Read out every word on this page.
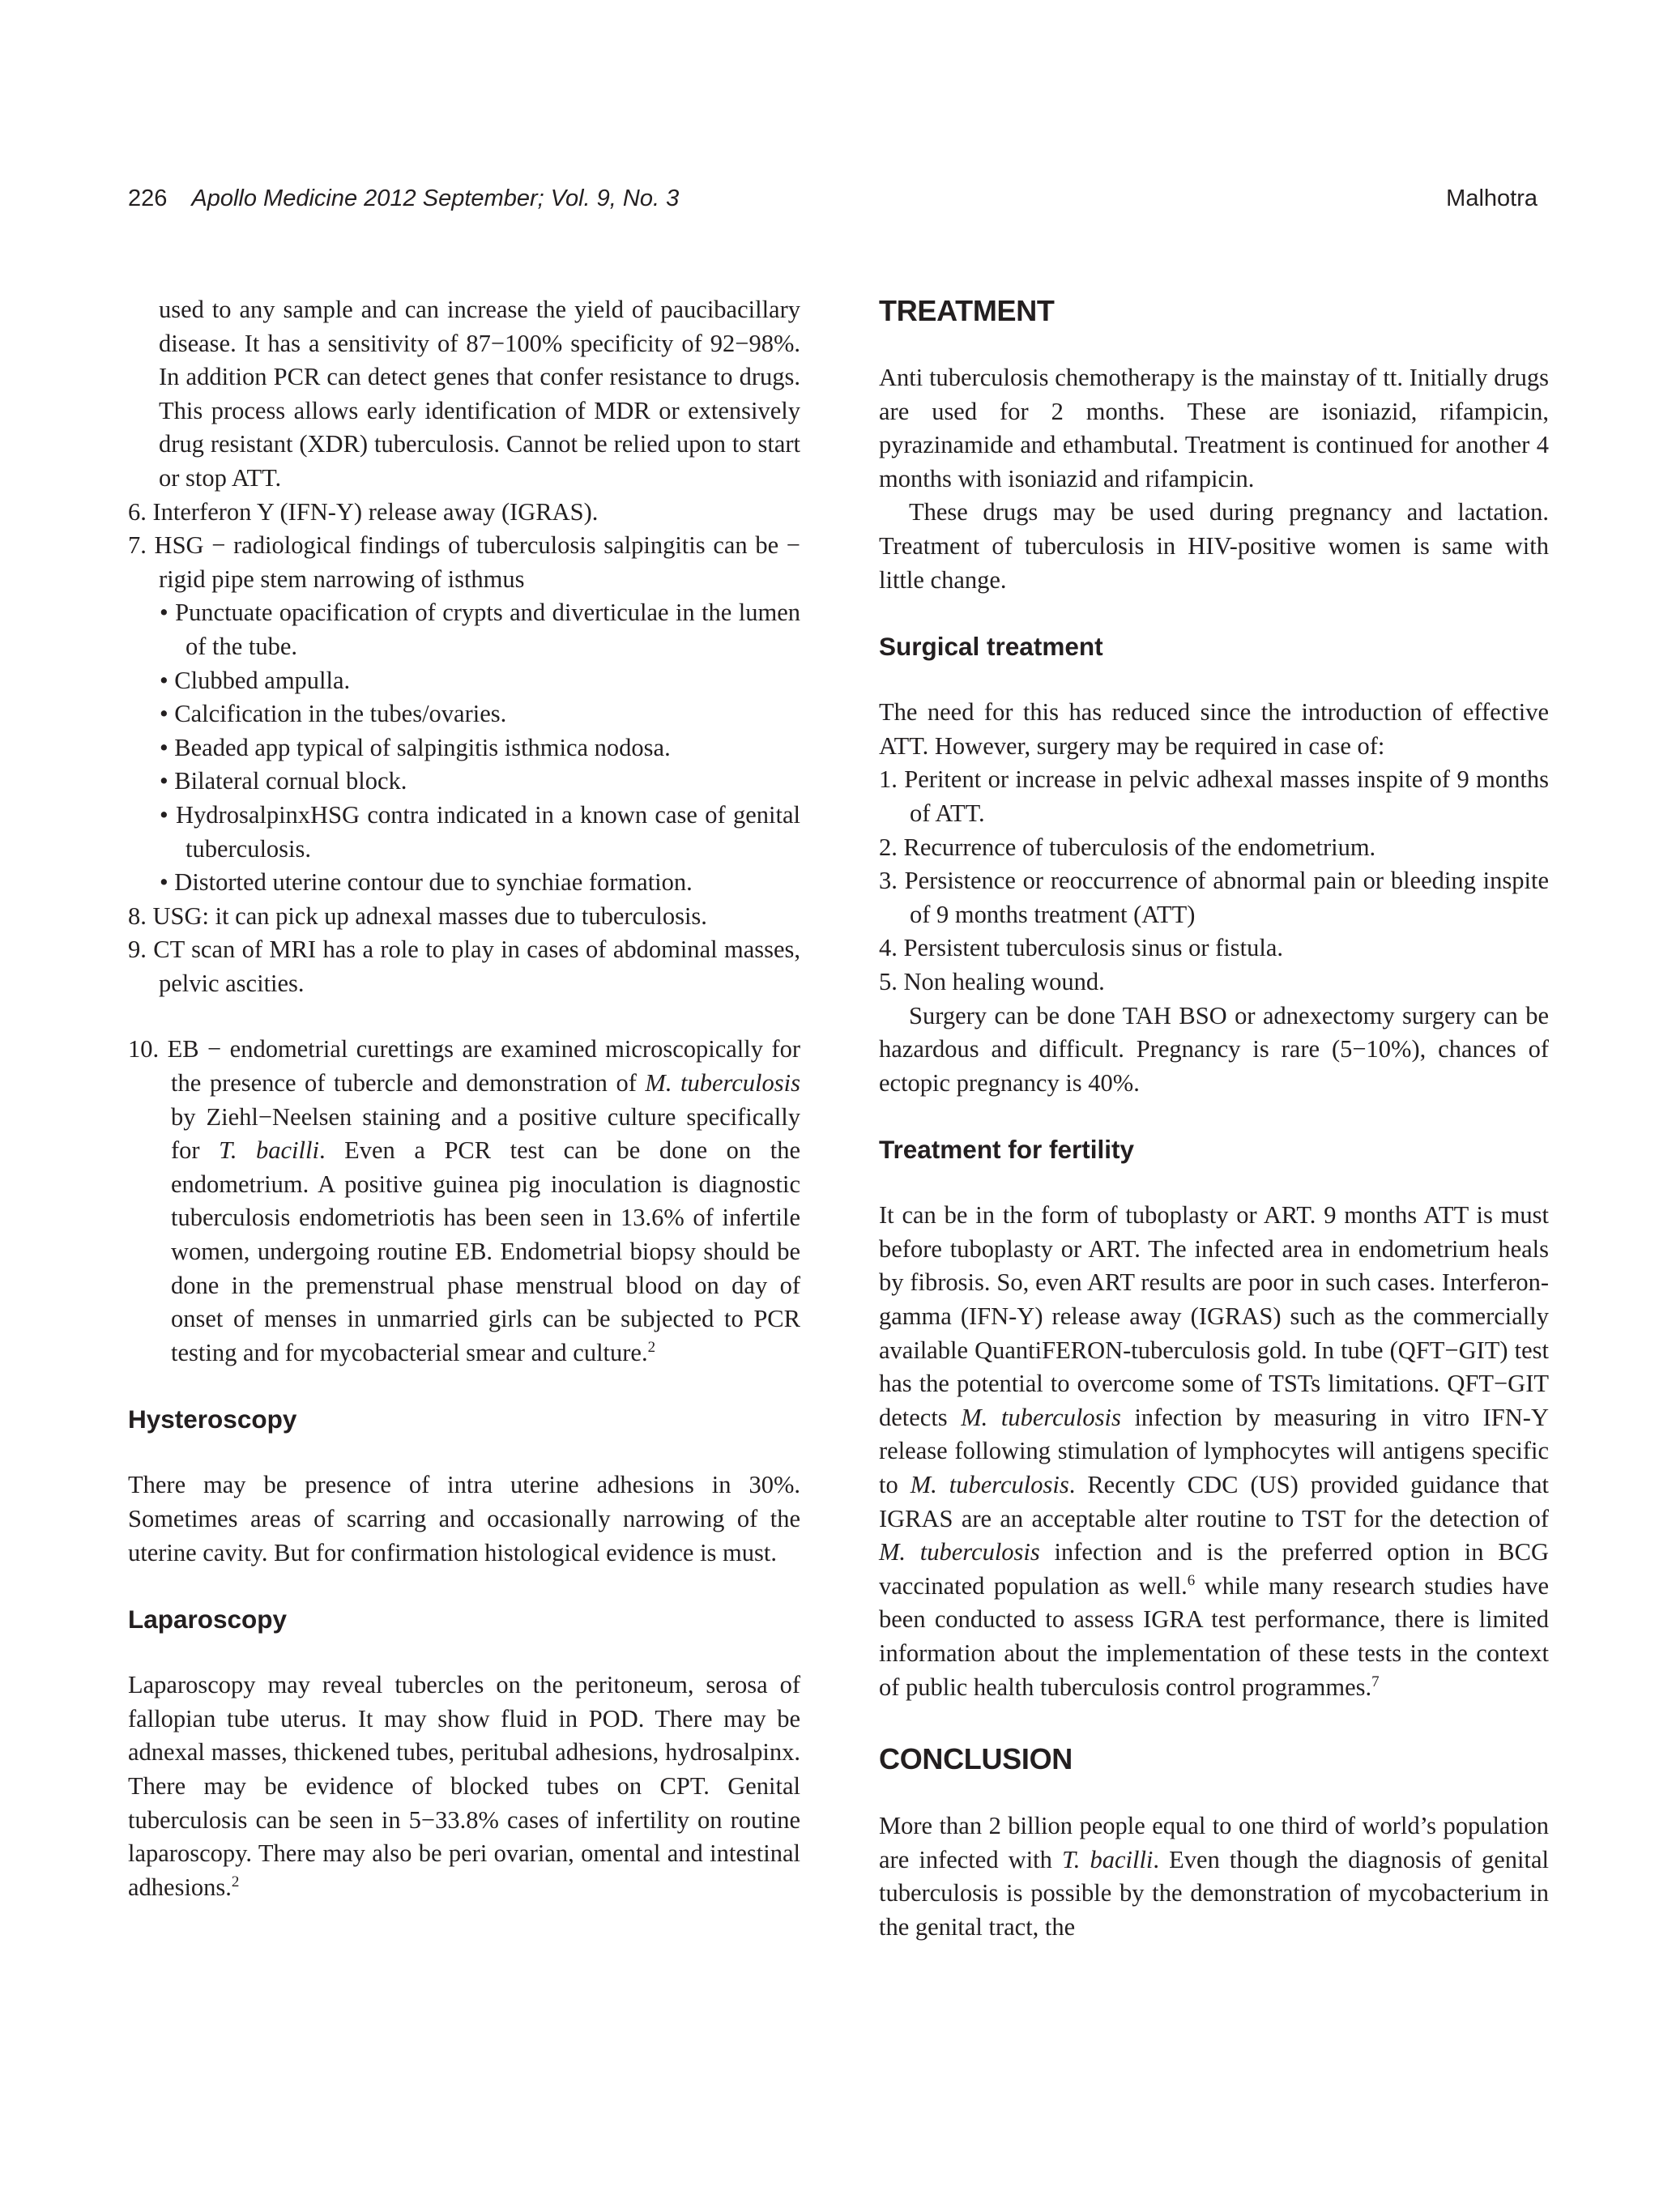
226 Apollo Medicine 2012 September; Vol. 9, No. 3	Malhotra

used to any sample and can increase the yield of paucibacillary disease. It has a sensitivity of 87−100% specificity of 92−98%. In addition PCR can detect genes that confer resistance to drugs. This process allows early identification of MDR or extensively drug resistant (XDR) tuberculosis. Cannot be relied upon to start or stop ATT.

6. Interferon Y (IFN-Y) release away (IGRAS).

7. HSG − radiological findings of tuberculosis salpingitis can be − rigid pipe stem narrowing of isthmus

• Punctuate opacification of crypts and diverticulae in the lumen of the tube.

• Clubbed ampulla.

• Calcification in the tubes/ovaries.

• Beaded app typical of salpingitis isthmica nodosa.

• Bilateral cornual block.

• HydrosalpinxHSG contra indicated in a known case of genital tuberculosis.

• Distorted uterine contour due to synchiae formation.

8. USG: it can pick up adnexal masses due to tuberculosis.

9. CT scan of MRI has a role to play in cases of abdominal masses, pelvic ascities.

10. EB − endometrial curettings are examined microscopically for the presence of tubercle and demonstration of M. tuberculosis by Ziehl−Neelsen staining and a positive culture specifically for T. bacilli. Even a PCR test can be done on the endometrium. A positive guinea pig inoculation is diagnostic tuberculosis endometriotis has been seen in 13.6% of infertile women, undergoing routine EB. Endometrial biopsy should be done in the premenstrual phase menstrual blood on day of onset of menses in unmarried girls can be subjected to PCR testing and for mycobacterial smear and culture.$^2$

Hysteroscopy

There may be presence of intra uterine adhesions in 30%. Sometimes areas of scarring and occasionally narrowing of the uterine cavity. But for confirmation histological evidence is must.

Laparoscopy

Laparoscopy may reveal tubercles on the peritoneum, serosa of fallopian tube uterus. It may show fluid in POD. There may be adnexal masses, thickened tubes, peritubal adhesions, hydrosalpinx. There may be evidence of blocked tubes on CPT. Genital tuberculosis can be seen in 5−33.8% cases of infertility on routine laparoscopy. There may also be peri ovarian, omental and intestinal adhesions.$^2$

TREATMENT

Anti tuberculosis chemotherapy is the mainstay of tt. Initially drugs are used for 2 months. These are isoniazid, rifampicin, pyrazinamide and ethambutal. Treatment is continued for another 4 months with isoniazid and rifampicin.

These drugs may be used during pregnancy and lactation. Treatment of tuberculosis in HIV-positive women is same with little change.

Surgical treatment

The need for this has reduced since the introduction of effective ATT. However, surgery may be required in case of:

1. Peritent or increase in pelvic adhexal masses inspite of 9 months of ATT.

2. Recurrence of tuberculosis of the endometrium.

3. Persistence or reoccurrence of abnormal pain or bleeding inspite of 9 months treatment (ATT)

4. Persistent tuberculosis sinus or fistula.

5. Non healing wound.

Surgery can be done TAH BSO or adnexectomy surgery can be hazardous and difficult. Pregnancy is rare (5−10%), chances of ectopic pregnancy is 40%.

Treatment for fertility

It can be in the form of tuboplasty or ART. 9 months ATT is must before tuboplasty or ART. The infected area in endometrium heals by fibrosis. So, even ART results are poor in such cases. Interferon-gamma (IFN-Y) release away (IGRAS) such as the commercially available QuantiFERON-tuberculosis gold. In tube (QFT−GIT) test has the potential to overcome some of TSTs limitations. QFT−GIT detects M. tuberculosis infection by measuring in vitro IFN-Y release following stimulation of lymphocytes will antigens specific to M. tuberculosis. Recently CDC (US) provided guidance that IGRAS are an acceptable alter routine to TST for the detection of M. tuberculosis infection and is the preferred option in BCG vaccinated population as well.$^6$ while many research studies have been conducted to assess IGRA test performance, there is limited information about the implementation of these tests in the context of public health tuberculosis control programmes.$^7$

CONCLUSION

More than 2 billion people equal to one third of world’s population are infected with T. bacilli. Even though the diagnosis of genital tuberculosis is possible by the demonstration of mycobacterium in the genital tract, the
